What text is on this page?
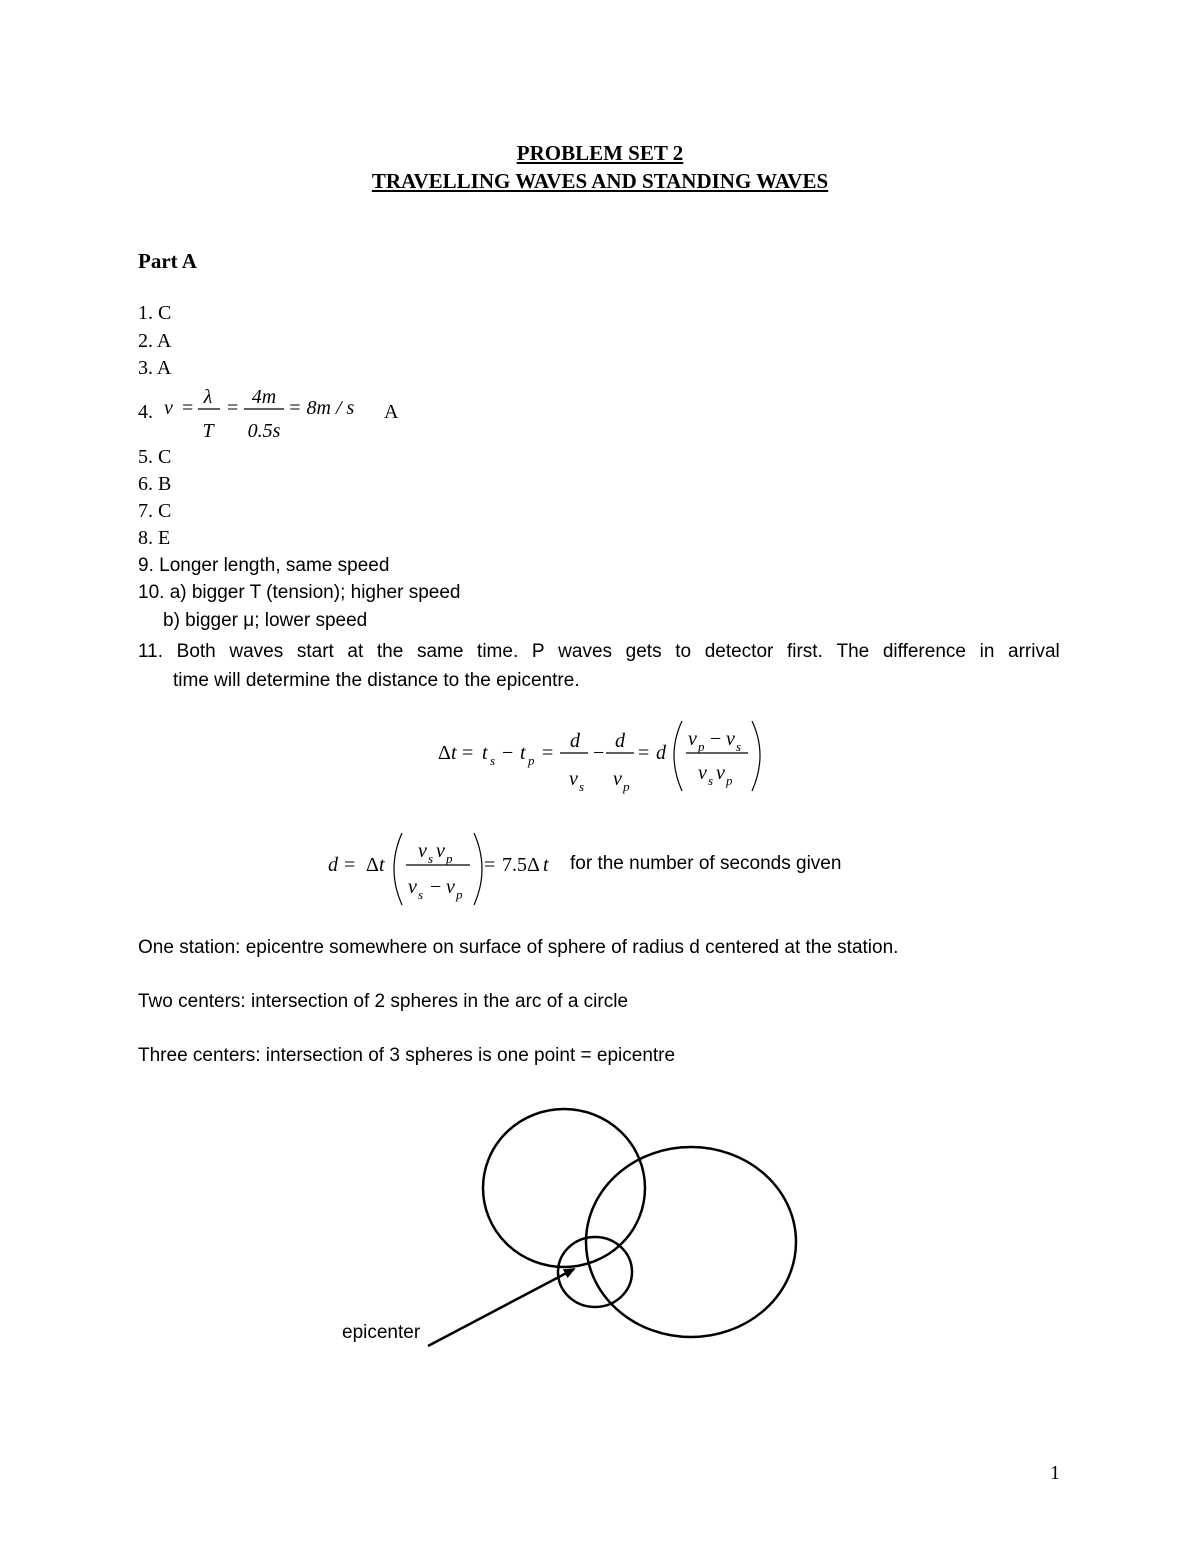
PROBLEM SET 2
TRAVELLING WAVES AND STANDING WAVES
Part A
1. C
2. A
3. A
4. v = λ
T
= 4m
0.5s
= 8m / s A
5. C
6. B
7. C
8. E
9. Longer length, same speed
10. a) bigger T (tension); higher speed
b) bigger μ; lower speed
11. Both waves start at the same time. P waves gets to detector first. The difference in arrival
time will determine the distance to the epicentre.
Δ t = t s − t p =
d
v s
−
d
v p
= d
v p − v s
v s v p
d = Δ t
v s v p
v s − v p
= 7.5Δ t for the number of seconds given
One station: epicentre somewhere on surface of sphere of radius d centered at the station.
Two centers: intersection of 2 spheres in the arc of a circle
Three centers: intersection of 3 spheres is one point = epicentre
epicenter
1
